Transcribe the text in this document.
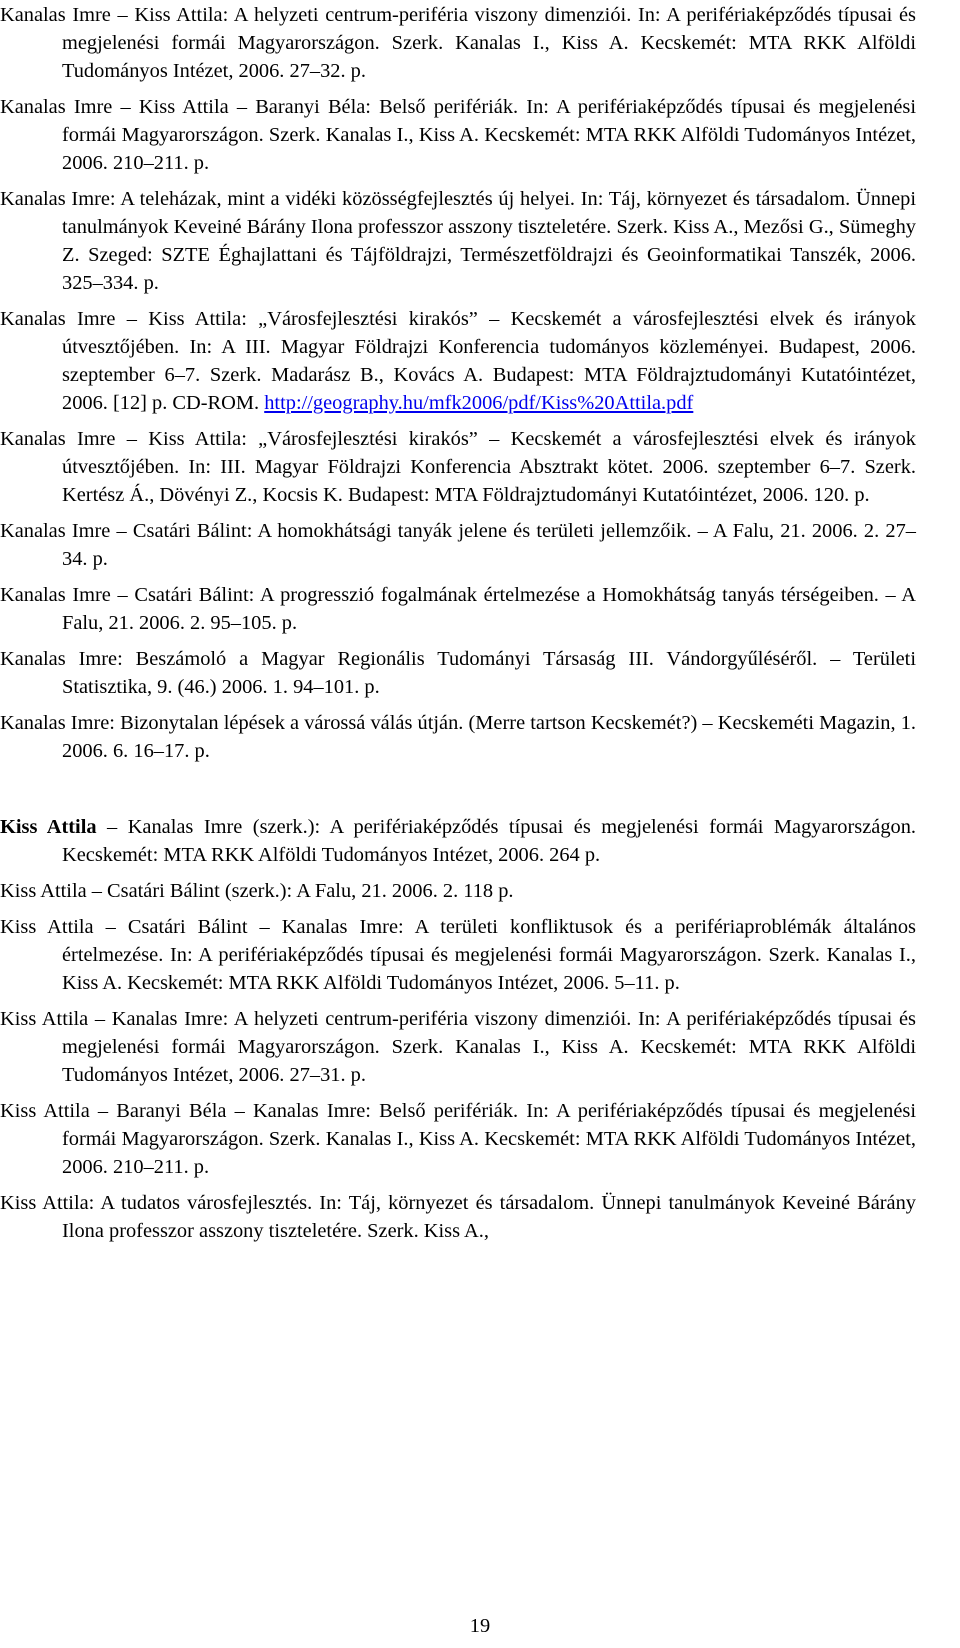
Kanalas Imre – Kiss Attila: A helyzeti centrum-periféria viszony dimenziói. In: A perifériaképződés típusai és megjelenési formái Magyarországon. Szerk. Kanalas I., Kiss A. Kecskemét: MTA RKK Alföldi Tudományos Intézet, 2006. 27–32. p.

Kanalas Imre – Kiss Attila – Baranyi Béla: Belső perifériák. In: A perifériaképződés típusai és megjelenési formái Magyarországon. Szerk. Kanalas I., Kiss A. Kecskemét: MTA RKK Alföldi Tudományos Intézet, 2006. 210–211. p.

Kanalas Imre: A teleházak, mint a vidéki közösségfejlesztés új helyei. In: Táj, környezet és társadalom. Ünnepi tanulmányok Keveiné Bárány Ilona professzor asszony tiszteletére. Szerk. Kiss A., Mezősi G., Sümeghy Z. Szeged: SZTE Éghajlattani és Tájföldrajzi, Természetföldrajzi és Geoinformatikai Tanszék, 2006. 325–334. p.

Kanalas Imre – Kiss Attila: „Városfejlesztési kirakós” – Kecskemét a városfejlesztési elvek és irányok útvesztőjében. In: A III. Magyar Földrajzi Konferencia tudományos közleményei. Budapest, 2006. szeptember 6–7. Szerk. Madarász B., Kovács A. Budapest: MTA Földrajztudományi Kutatóintézet, 2006. [12] p. CD-ROM. http://geography.hu/mfk2006/pdf/Kiss%20Attila.pdf

Kanalas Imre – Kiss Attila: „Városfejlesztési kirakós” – Kecskemét a városfejlesztési elvek és irányok útvesztőjében. In: III. Magyar Földrajzi Konferencia Absztrakt kötet. 2006. szeptember 6–7. Szerk. Kertész Á., Dövényi Z., Kocsis K. Budapest: MTA Földrajztudományi Kutatóintézet, 2006. 120. p.

Kanalas Imre – Csatári Bálint: A homokhátsági tanyák jelene és területi jellemzőik. – A Falu, 21. 2006. 2. 27–34. p.

Kanalas Imre – Csatári Bálint: A progresszió fogalmának értelmezése a Homokhátság tanyás térségeiben. – A Falu, 21. 2006. 2. 95–105. p.

Kanalas Imre: Beszámoló a Magyar Regionális Tudományi Társaság III. Vándorgyűléséről. – Területi Statisztika, 9. (46.) 2006. 1. 94–101. p.

Kanalas Imre: Bizonytalan lépések a várossá válás útján. (Merre tartson Kecskemét?) – Kecskeméti Magazin, 1. 2006. 6. 16–17. p.

Kiss Attila – Kanalas Imre (szerk.): A perifériaképződés típusai és megjelenési formái Magyarországon. Kecskemét: MTA RKK Alföldi Tudományos Intézet, 2006. 264 p.

Kiss Attila – Csatári Bálint (szerk.): A Falu, 21. 2006. 2. 118 p.

Kiss Attila – Csatári Bálint – Kanalas Imre: A területi konfliktusok és a perifériaproblémák általános értelmezése. In: A perifériaképződés típusai és megjelenési formái Magyarországon. Szerk. Kanalas I., Kiss A. Kecskemét: MTA RKK Alföldi Tudományos Intézet, 2006. 5–11. p.

Kiss Attila – Kanalas Imre: A helyzeti centrum-periféria viszony dimenziói. In: A perifériaképződés típusai és megjelenési formái Magyarországon. Szerk. Kanalas I., Kiss A. Kecskemét: MTA RKK Alföldi Tudományos Intézet, 2006. 27–31. p.

Kiss Attila – Baranyi Béla – Kanalas Imre: Belső perifériák. In: A perifériaképződés típusai és megjelenési formái Magyarországon. Szerk. Kanalas I., Kiss A. Kecskemét: MTA RKK Alföldi Tudományos Intézet, 2006. 210–211. p.

Kiss Attila: A tudatos városfejlesztés. In: Táj, környezet és társadalom. Ünnepi tanulmányok Keveiné Bárány Ilona professzor asszony tiszteletére. Szerk. Kiss A.,

19
